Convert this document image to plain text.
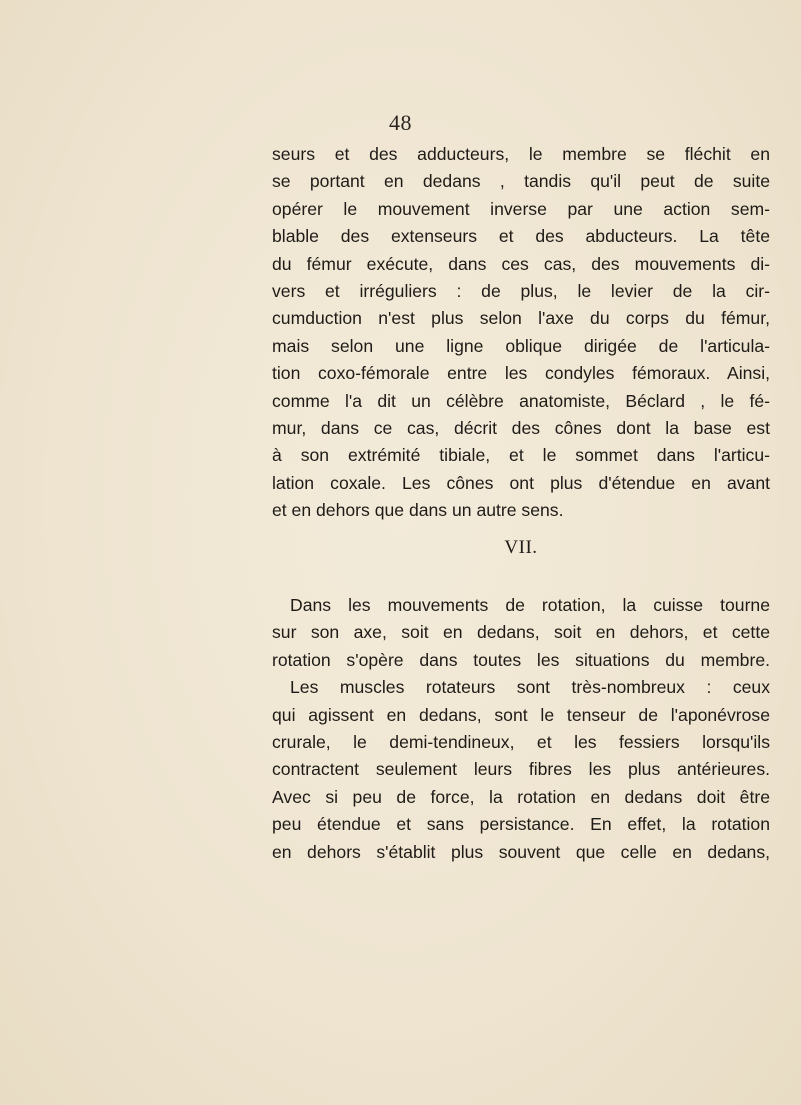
48
seurs et des adducteurs, le membre se fléchit en
se portant en dedans , tandis qu'il peut de suite
opérer le mouvement inverse par une action sem-
blable des extenseurs et des abducteurs. La tête
du fémur exécute, dans ces cas, des mouvements di-
vers et irréguliers : de plus, le levier de la cir-
cumduction n'est plus selon l'axe du corps du fémur,
mais selon une ligne oblique dirigée de l'articula-
tion coxo-fémorale entre les condyles fémoraux. Ainsi,
comme l'a dit un célèbre anatomiste, Béclard , le fé-
mur, dans ce cas, décrit des cônes dont la base est
à son extrémité tibiale, et le sommet dans l'articu-
lation coxale. Les cônes ont plus d'étendue en avant
et en dehors que dans un autre sens.
VII.
Dans les mouvements de rotation, la cuisse tourne
sur son axe, soit en dedans, soit en dehors, et cette
rotation s'opère dans toutes les situations du membre.
Les muscles rotateurs sont très-nombreux : ceux
qui agissent en dedans, sont le tenseur de l'aponévrose
crurale, le demi-tendineux, et les fessiers lorsqu'ils
contractent seulement leurs fibres les plus antérieures.
Avec si peu de force, la rotation en dedans doit être
peu étendue et sans persistance. En effet, la rotation
en dehors s'établit plus souvent que celle en dedans,
